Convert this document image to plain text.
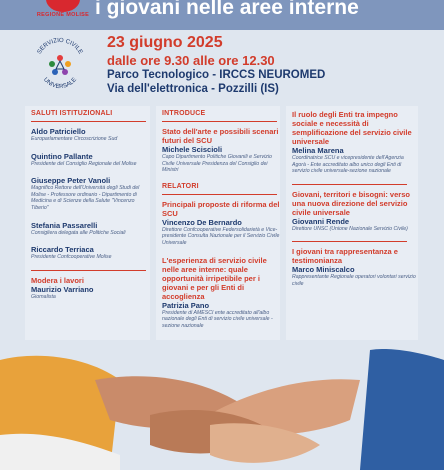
REGIONE MOLISE i giovani nelle aree interne
SERVIZIO CIVILE
UNIVERSALE
23 giugno 2025
dalle ore 9.30 alle ore 12.30
Parco Tecnologico - IRCCS NEUROMED
Via dell'elettronica - Pozzilli (IS)
SALUTI ISTITUZIONALI
Aldo Patriciello
Europarlamentare Circoscrizione Sud
Quintino Pallante
Presidente del Consiglio Regionale del Molise
Giuseppe Peter Vanoli
Magnifico Rettore dell'Università degli Studi del Molise - Professore ordinario - Dipartimento di Medicina e di Scienze della Salute "Vincenzo Tiberio"
Stefania Passarelli
Consigliera delegata alle Politiche Sociali
Riccardo Terriaca
Presidente Confcooperative Molise
Modera i lavori
Maurizio Varriano
Giornalista
INTRODUCE
Stato dell'arte e possibili scenari futuri del SCU
Michele Sciscioli
Capo Dipartimento Politiche Giovanili e Servizio Civile Universale Presidenza del Consiglio dei Ministri
RELATORI
Principali proposte di riforma del SCU
Vincenzo De Bernardo
Direttore Confcooperative Federsolidarietà e Vice-presidente Consulta Nazionale per il Servizio Civile Universale
L'esperienza di servizio civile nelle aree interne: quale opportunità irripetibile per i giovani e per gli Enti di accoglienza
Patrizia Pano
Presidente di AMESCI ente accreditato all'albo nazionale degli Enti di servizio civile universale - sezione nazionale
Il ruolo degli Enti tra impegno sociale e necessità di semplificazione del servizio civile universale
Melina Marena
Coordinatrice SCU e vicepresidente dell'Agenzia Agorà - Ente accreditato albo unico degli Enti di servizio civile universale-sezione nazionale
Giovani, territori e bisogni: verso una nuova direzione del servizio civile universale
Giovanni Rende
Direttore UNSC (Unione Nazionale Servizio Civile)
I giovani tra rappresentanza e testimonianza
Marco Miniscalco
Rappresentante Regionale operatori volontari servizio civile
